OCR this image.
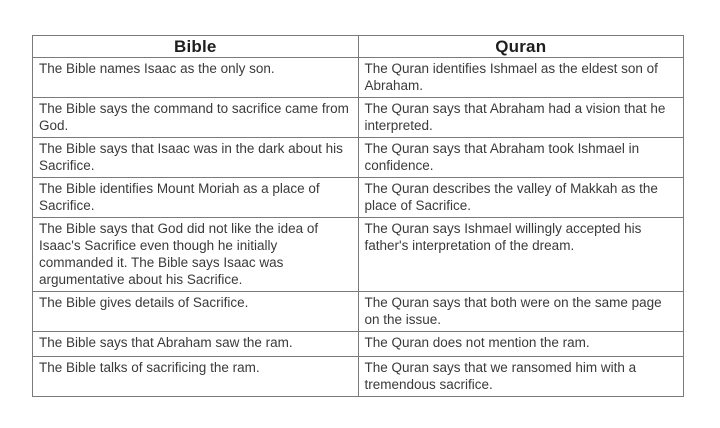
Bible	Quran
The Bible names Isaac as the only son.	The Quran identifies Ishmael as the eldest son of Abraham.
The Bible says the command to sacrifice came from God.	The Quran says that Abraham had a vision that he interpreted.
The Bible says that Isaac was in the dark about his Sacrifice.	The Quran says that Abraham took Ishmael in confidence.
The Bible identifies Mount Moriah as a place of Sacrifice.	The Quran describes the valley of Makkah as the place of Sacrifice.
The Bible says that God did not like the idea of Isaac's Sacrifice even though he initially commanded it. The Bible says Isaac was argumentative about his Sacrifice.	The Quran says Ishmael willingly accepted his father's interpretation of the dream.
The Bible gives details of Sacrifice.	The Quran says that both were on the same page on the issue.
The Bible says that Abraham saw the ram.	The Quran does not mention the ram.
The Bible talks of sacrificing the ram.	The Quran says that we ransomed him with a tremendous sacrifice.
